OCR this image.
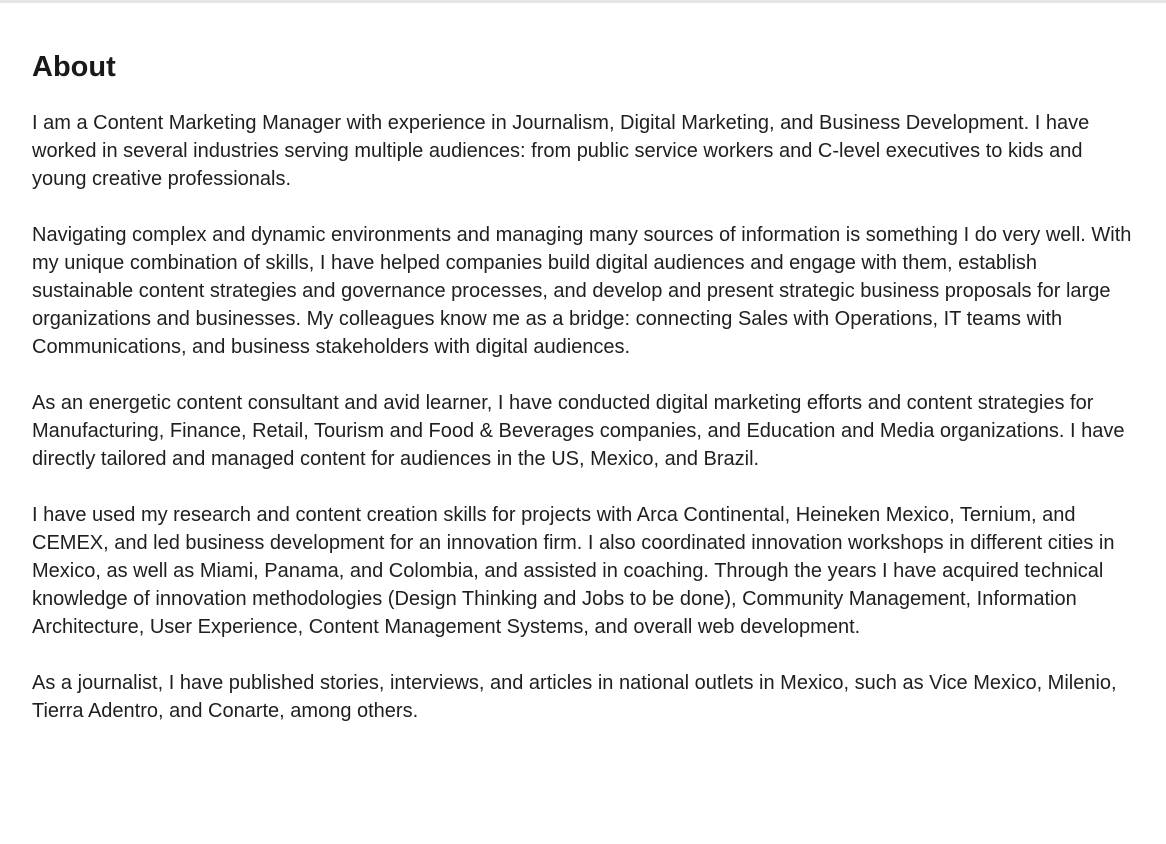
About

I am a Content Marketing Manager with experience in Journalism, Digital Marketing, and Business Development. I have worked in several industries serving multiple audiences: from public service workers and C-level executives to kids and young creative professionals.

Navigating complex and dynamic environments and managing many sources of information is something I do very well. With my unique combination of skills, I have helped companies build digital audiences and engage with them, establish sustainable content strategies and governance processes, and develop and present strategic business proposals for large organizations and businesses. My colleagues know me as a bridge: connecting Sales with Operations, IT teams with Communications, and business stakeholders with digital audiences.

As an energetic content consultant and avid learner, I have conducted digital marketing efforts and content strategies for Manufacturing, Finance, Retail, Tourism and Food & Beverages companies, and Education and Media organizations. I have directly tailored and managed content for audiences in the US, Mexico, and Brazil.

I have used my research and content creation skills for projects with Arca Continental, Heineken Mexico, Ternium, and CEMEX, and led business development for an innovation firm. I also coordinated innovation workshops in different cities in Mexico, as well as Miami, Panama, and Colombia, and assisted in coaching. Through the years I have acquired technical knowledge of innovation methodologies (Design Thinking and Jobs to be done), Community Management, Information Architecture, User Experience, Content Management Systems, and overall web development.

As a journalist, I have published stories, interviews, and articles in national outlets in Mexico, such as Vice Mexico, Milenio, Tierra Adentro, and Conarte, among others.
